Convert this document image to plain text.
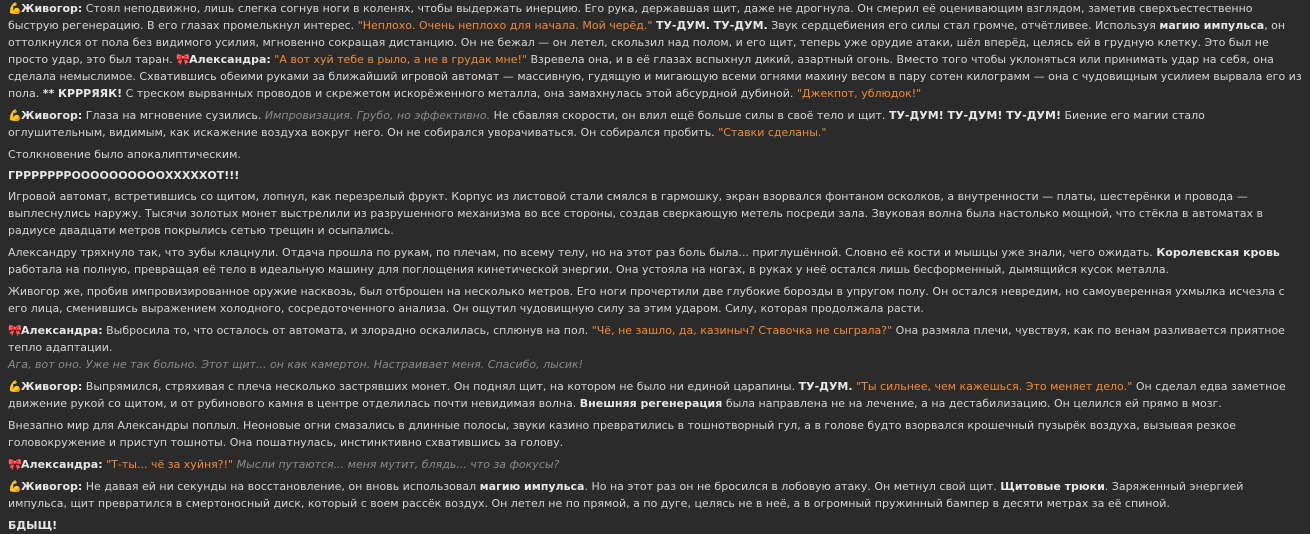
💪Живогор: Стоял неподвижно, лишь слегка согнув ноги в коленях, чтобы выдержать инерцию. Его рука, державшая щит, даже не дрогнула. Он смерил её оценивающим взглядом, заметив сверхъестественно быструю регенерацию. В его глазах промелькнул интерес. "Неплохо. Очень неплохо для начала. Мой черёд." ТУ-ДУМ. ТУ-ДУМ. Звук сердцебиения его силы стал громче, отчётливее. Используя магию импульса, он оттолкнулся от пола без видимого усилия, мгновенно сокращая дистанцию. Он не бежал — он летел, скользил над полом, и его щит, теперь уже орудие атаки, шёл вперёд, целясь ей в грудную клетку. Это был не просто удар, это был таран. 🎀Александра: "А вот хуй тебе в рыло, а не в грудак мне!" Взревела она, и в её глазах вспыхнул дикий, азартный огонь. Вместо того чтобы уклоняться или принимать удар на себя, она сделала немыслимое. Схватившись обеими руками за ближайший игровой автомат — массивную, гудящую и мигающую всеми огнями махину весом в пару сотен килограмм — она с чудовищным усилием вырвала его из пола. ** КРРРЯЯК! С треском вырванных проводов и скрежетом искорёженного металла, она замахнулась этой абсурдной дубиной. "Джекпот, ублюдок!"
💪Живогор: Глаза на мгновение сузились. Импровизация. Грубо, но эффективно. Не сбавляя скорости, он влил ещё больше силы в своё тело и щит. ТУ-ДУМ! ТУ-ДУМ! ТУ-ДУМ! Биение его магии стало оглушительным, видимым, как искажение воздуха вокруг него. Он не собирался уворачиваться. Он собирался пробить. "Ставки сделаны."
Столкновение было апокалиптическим.
ГРРРРРРРООООООООООХХХХХОТ!!!
Игровой автомат, встретившись со щитом, лопнул, как перезрелый фрукт. Корпус из листовой стали смялся в гармошку, экран взорвался фонтаном осколков, а внутренности — платы, шестерёнки и провода — выплеснулись наружу. Тысячи золотых монет выстрелили из разрушенного механизма во все стороны, создав сверкающую метель посреди зала. Звуковая волна была настолько мощной, что стёкла в автоматах в радиусе двадцати метров покрылись сетью трещин и осыпались.
Александру тряхнуло так, что зубы клацнули. Отдача прошла по рукам, по плечам, по всему телу, но на этот раз боль была... приглушённой. Словно её кости и мышцы уже знали, чего ожидать. Королевская кровь работала на полную, превращая её тело в идеальную машину для поглощения кинетической энергии. Она устояла на ногах, в руках у неё остался лишь бесформенный, дымящийся кусок металла.
Живогор же, пробив импровизированное оружие насквозь, был отброшен на несколько метров. Его ноги прочертили две глубокие борозды в упругом полу. Он остался невредим, но самоуверенная ухмылка исчезла с его лица, сменившись выражением холодного, сосредоточенного анализа. Он ощутил чудовищную силу за этим ударом. Силу, которая продолжала расти.
🎀Александра: Выбросила то, что осталось от автомата, и злорадно оскалилась, сплюнув на пол. "Чё, не зашло, да, казиныч? Ставочка не сыграла?" Она размяла плечи, чувствуя, как по венам разливается приятное тепло адаптации.
Ага, вот оно. Уже не так больно. Этот щит... он как камертон. Настраивает меня. Спасибо, лысик!
💪Живогор: Выпрямился, стряхивая с плеча несколько застрявших монет. Он поднял щит, на котором не было ни единой царапины. ТУ-ДУМ. "Ты сильнее, чем кажешься. Это меняет дело." Он сделал едва заметное движение рукой со щитом, и от рубинового камня в центре отделилась почти невидимая волна. Внешняя регенерация была направлена не на лечение, а на дестабилизацию. Он целился ей прямо в мозг.
Внезапно мир для Александры поплыл. Неоновые огни смазались в длинные полосы, звуки казино превратились в тошнотворный гул, а в голове будто взорвался крошечный пузырёк воздуха, вызывая резкое головокружение и приступ тошноты. Она пошатнулась, инстинктивно схватившись за голову.
🎀Александра: "Т-ты... чё за хуйня?!" Мысли путаются... меня мутит, блядь... что за фокусы?
💪Живогор: Не давая ей ни секунды на восстановление, он вновь использовал магию импульса. Но на этот раз он не бросился в лобовую атаку. Он метнул свой щит. Щитовые трюки. Заряженный энергией импульса, щит превратился в смертоносный диск, который с воем рассёк воздух. Он летел не по прямой, а по дуге, целясь не в неё, а в огромный пружинный бампер в десяти метрах за её спиной.
БДЫЩ!
